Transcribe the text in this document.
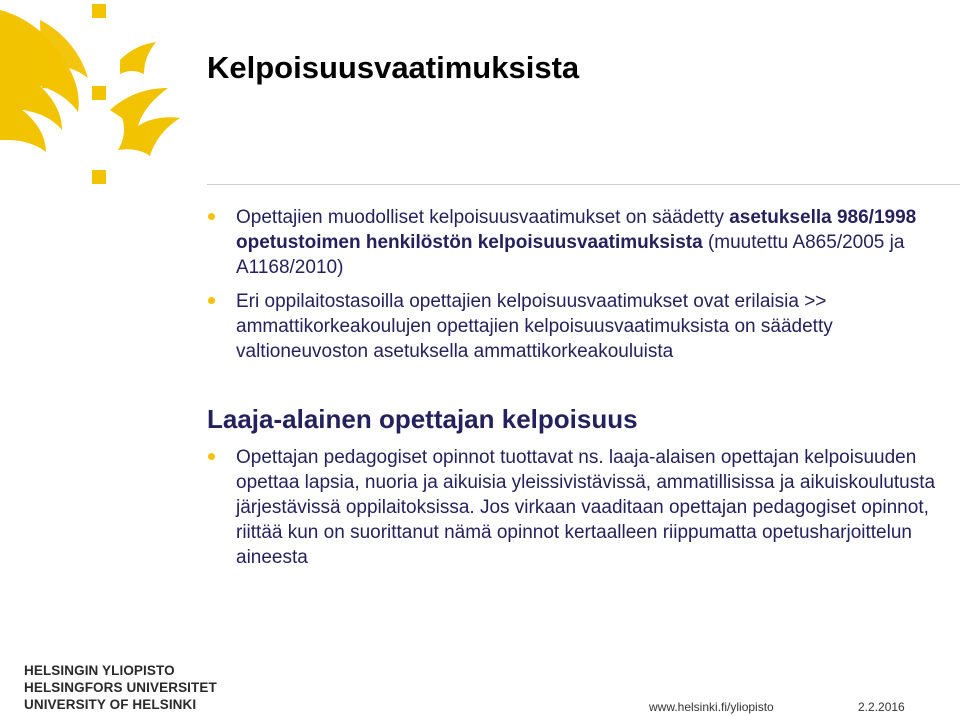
Kelpoisuusvaatimuksista
Opettajien muodolliset kelpoisuusvaatimukset on säädetty asetuksella 986/1998 opetustoimen henkilöstön kelpoisuusvaatimuksista (muutettu A865/2005 ja A1168/2010)
Eri oppilaitostasoilla opettajien kelpoisuusvaatimukset ovat erilaisia >> ammattikorkeakoulujen opettajien kelpoisuusvaatimuksista on säädetty valtioneuvoston asetuksella ammattikorkeakouluista
Laaja-alainen opettajan kelpoisuus
Opettajan pedagogiset opinnot tuottavat ns. laaja-alaisen opettajan kelpoisuuden opettaa lapsia, nuoria ja aikuisia yleissivistävissä, ammatillisissa ja aikuiskoulutusta järjestävissä oppilaitoksissa. Jos virkaan vaaditaan opettajan pedagogiset opinnot, riittää kun on suorittanut nämä opinnot kertaalleen riippumatta opetusharjoittelun aineesta
HELSINGIN YLIOPISTO
HELSINGFORS UNIVERSITET
UNIVERSITY OF HELSINKI	www.helsinki.fi/yliopisto	2.2.2016
